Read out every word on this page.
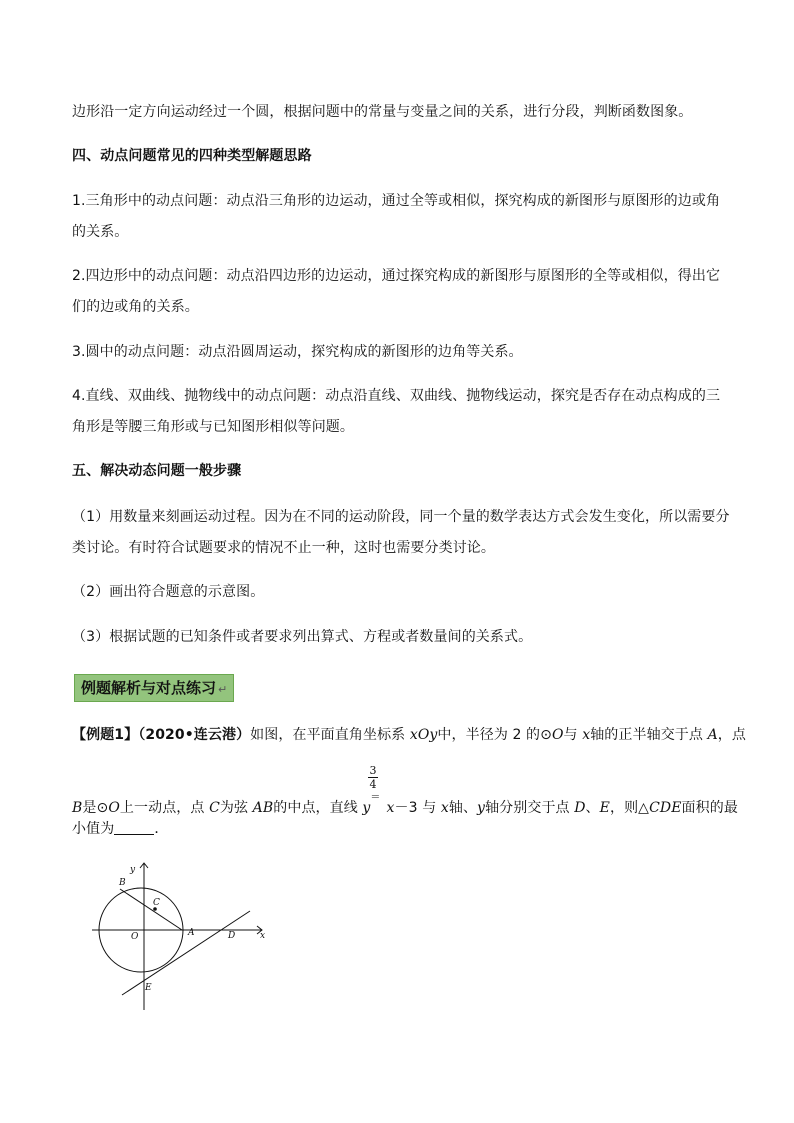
边形沿一定方向运动经过一个圆，根据问题中的常量与变量之间的关系，进行分段，判断函数图象。
四、动点问题常见的四种类型解题思路
1.三角形中的动点问题：动点沿三角形的边运动，通过全等或相似，探究构成的新图形与原图形的边或角
的关系。
2.四边形中的动点问题：动点沿四边形的边运动，通过探究构成的新图形与原图形的全等或相似，得出它
们的边或角的关系。
3.圆中的动点问题：动点沿圆周运动，探究构成的新图形的边角等关系。
4.直线、双曲线、抛物线中的动点问题：动点沿直线、双曲线、抛物线运动，探究是否存在动点构成的三
角形是等腰三角形或与已知图形相似等问题。
五、解决动态问题一般步骤
（1）用数量来刻画运动过程。因为在不同的运动阶段，同一个量的数学表达方式会发生变化，所以需要分
类讨论。有时符合试题要求的情况不止一种，这时也需要分类讨论。
（2）画出符合题意的示意图。
（3）根据试题的已知条件或者要求列出算式、方程或者数量间的关系式。
例题解析与对点练习 ↵
【例题1】（2020•连云港）如图，在平面直角坐标系 xOy中，半径为 2 的⊙O与 x轴的正半轴交于点 A，点
3
4
B是⊙O上一动点，点 C为弦 AB的中点，直线 y＝x－3 与 x轴、y轴分别交于点 D、E，则△CDE面积的最
小值为	．
y
x
B
C
O	A	D
E
